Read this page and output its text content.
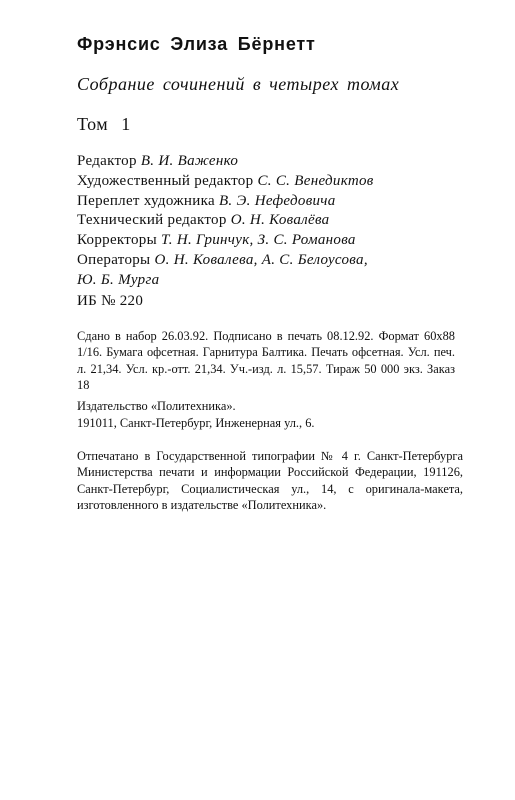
Фрэнсис Элиза Бёрнетт
Собрание сочинений в четырех томах
Том 1
Редактор В. И. Важенко
Художественный редактор С. С. Венедиктов
Переплет художника В. Э. Нефедовича
Технический редактор О. Н. Ковалёва
Корректоры Т. Н. Гринчук, З. С. Романова
Операторы О. Н. Ковалева, А. С. Белоусова,
Ю. Б. Мурга
ИБ № 220
Сдано в набор 26.03.92. Подписано в печать 08.12.92. Формат 60x88 1/16. Бумага офсетная. Гарнитура Балтика. Печать офсетная. Усл. печ. л. 21,34. Усл. кр.-отт. 21,34. Уч.-изд. л. 15,57. Тираж 50 000 экз. Заказ 18
Издательство «Политехника».
191011, Санкт-Петербург, Инженерная ул., 6.
Отпечатано в Государственной типографии № 4 г. Санкт-Петербурга Министерства печати и информации Российской Федерации, 191126, Санкт-Петербург, Социалистическая ул., 14, с оригинала-макета, изготовленного в издательстве «Политехника».
